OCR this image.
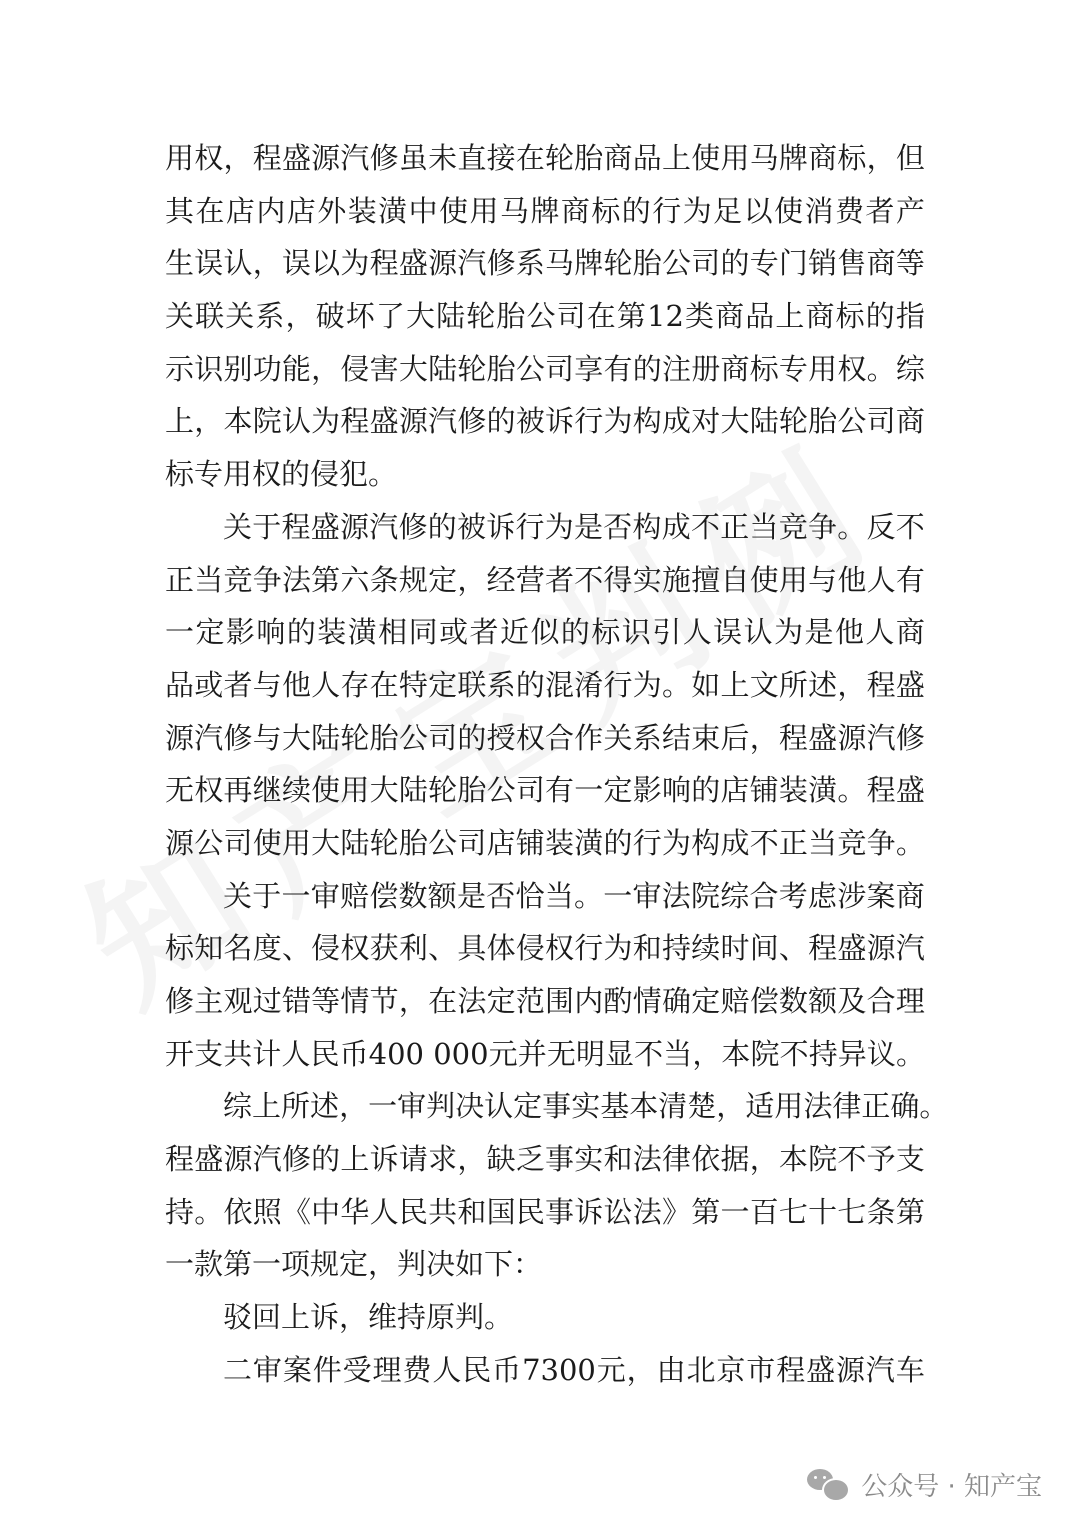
用 权 ， 程 盛 源 汽 修 虽 未 直 接 在 轮 胎 商 品 上 使 用 马 牌 商 标 ， 但
其 在 店 内 店 外 装 潢 中 使 用 马 牌 商 标 的 行 为 足 以 使 消 费 者 产
生 误 认 ， 误 以 为 程 盛 源 汽 修 系 马 牌 轮 胎 公 司 的 专 门 销 售 商 等
关 联 关 系 ， 破 坏 了 大 陆 轮 胎 公 司 在 第 12 类 商 品 上 商 标 的 指
示 识 别 功 能 ， 侵 害 大 陆 轮 胎 公 司 享 有 的 注 册 商 标 专 用 权 。 综
上 ， 本 院 认 为 程 盛 源 汽 修 的 被 诉 行 为 构 成 对 大 陆 轮 胎 公 司 商
标专用权的侵犯。
关 于 程 盛 源 汽 修 的 被 诉 行 为 是 否 构 成 不 正 当 竞 争 。 反 不
正 当 竞 争 法 第 六 条 规 定 ， 经 营 者 不 得 实 施 擅 自 使 用 与 他 人 有
一 定 影 响 的 装 潢 相 同 或 者 近 似 的 标 识 引 人 误 认 为 是 他 人 商
品 或 者 与 他 人 存 在 特 定 联 系 的 混 淆 行 为 。 如 上 文 所 述 ， 程 盛
源 汽 修 与 大 陆 轮 胎 公 司 的 授 权 合 作 关 系 结 束 后 ， 程 盛 源 汽 修
无 权 再 继 续 使 用 大 陆 轮 胎 公 司 有 一 定 影 响 的 店 铺 装 潢 。 程 盛
源 公 司 使 用 大 陆 轮 胎 公 司 店 铺 装 潢 的 行 为 构 成 不 正 当 竞 争 。
关 于 一 审 赔 偿 数 额 是 否 恰 当 。 一 审 法 院 综 合 考 虑 涉 案 商
标 知 名 度 、 侵 权 获 利 、 具 体 侵 权 行 为 和 持 续 时 间 、 程 盛 源 汽
修 主 观 过 错 等 情 节 ， 在 法 定 范 围 内 酌 情 确 定 赔 偿 数 额 及 合 理
开 支 共 计 人 民 币 400 000 元 并 无 明 显 不 当 ， 本 院 不 持 异 议 。
综 上 所 述 ， 一 审 判 决 认 定 事 实 基 本 清 楚 ， 适 用 法 律 正 确 。
程 盛 源 汽 修 的 上 诉 请 求 ， 缺 乏 事 实 和 法 律 依 据 ， 本 院 不 予 支
持 。 依 照 《 中 华 人 民 共 和 国 民 事 诉 讼 法 》 第 一 百 七 十 七 条 第
一款第一项规定，判决如下：
驳回上诉，维持原判。
二 审 案 件 受 理 费 人 民 币 7300 元 ， 由 北 京 市 程 盛 源 汽 车
公众号 · 知产宝
